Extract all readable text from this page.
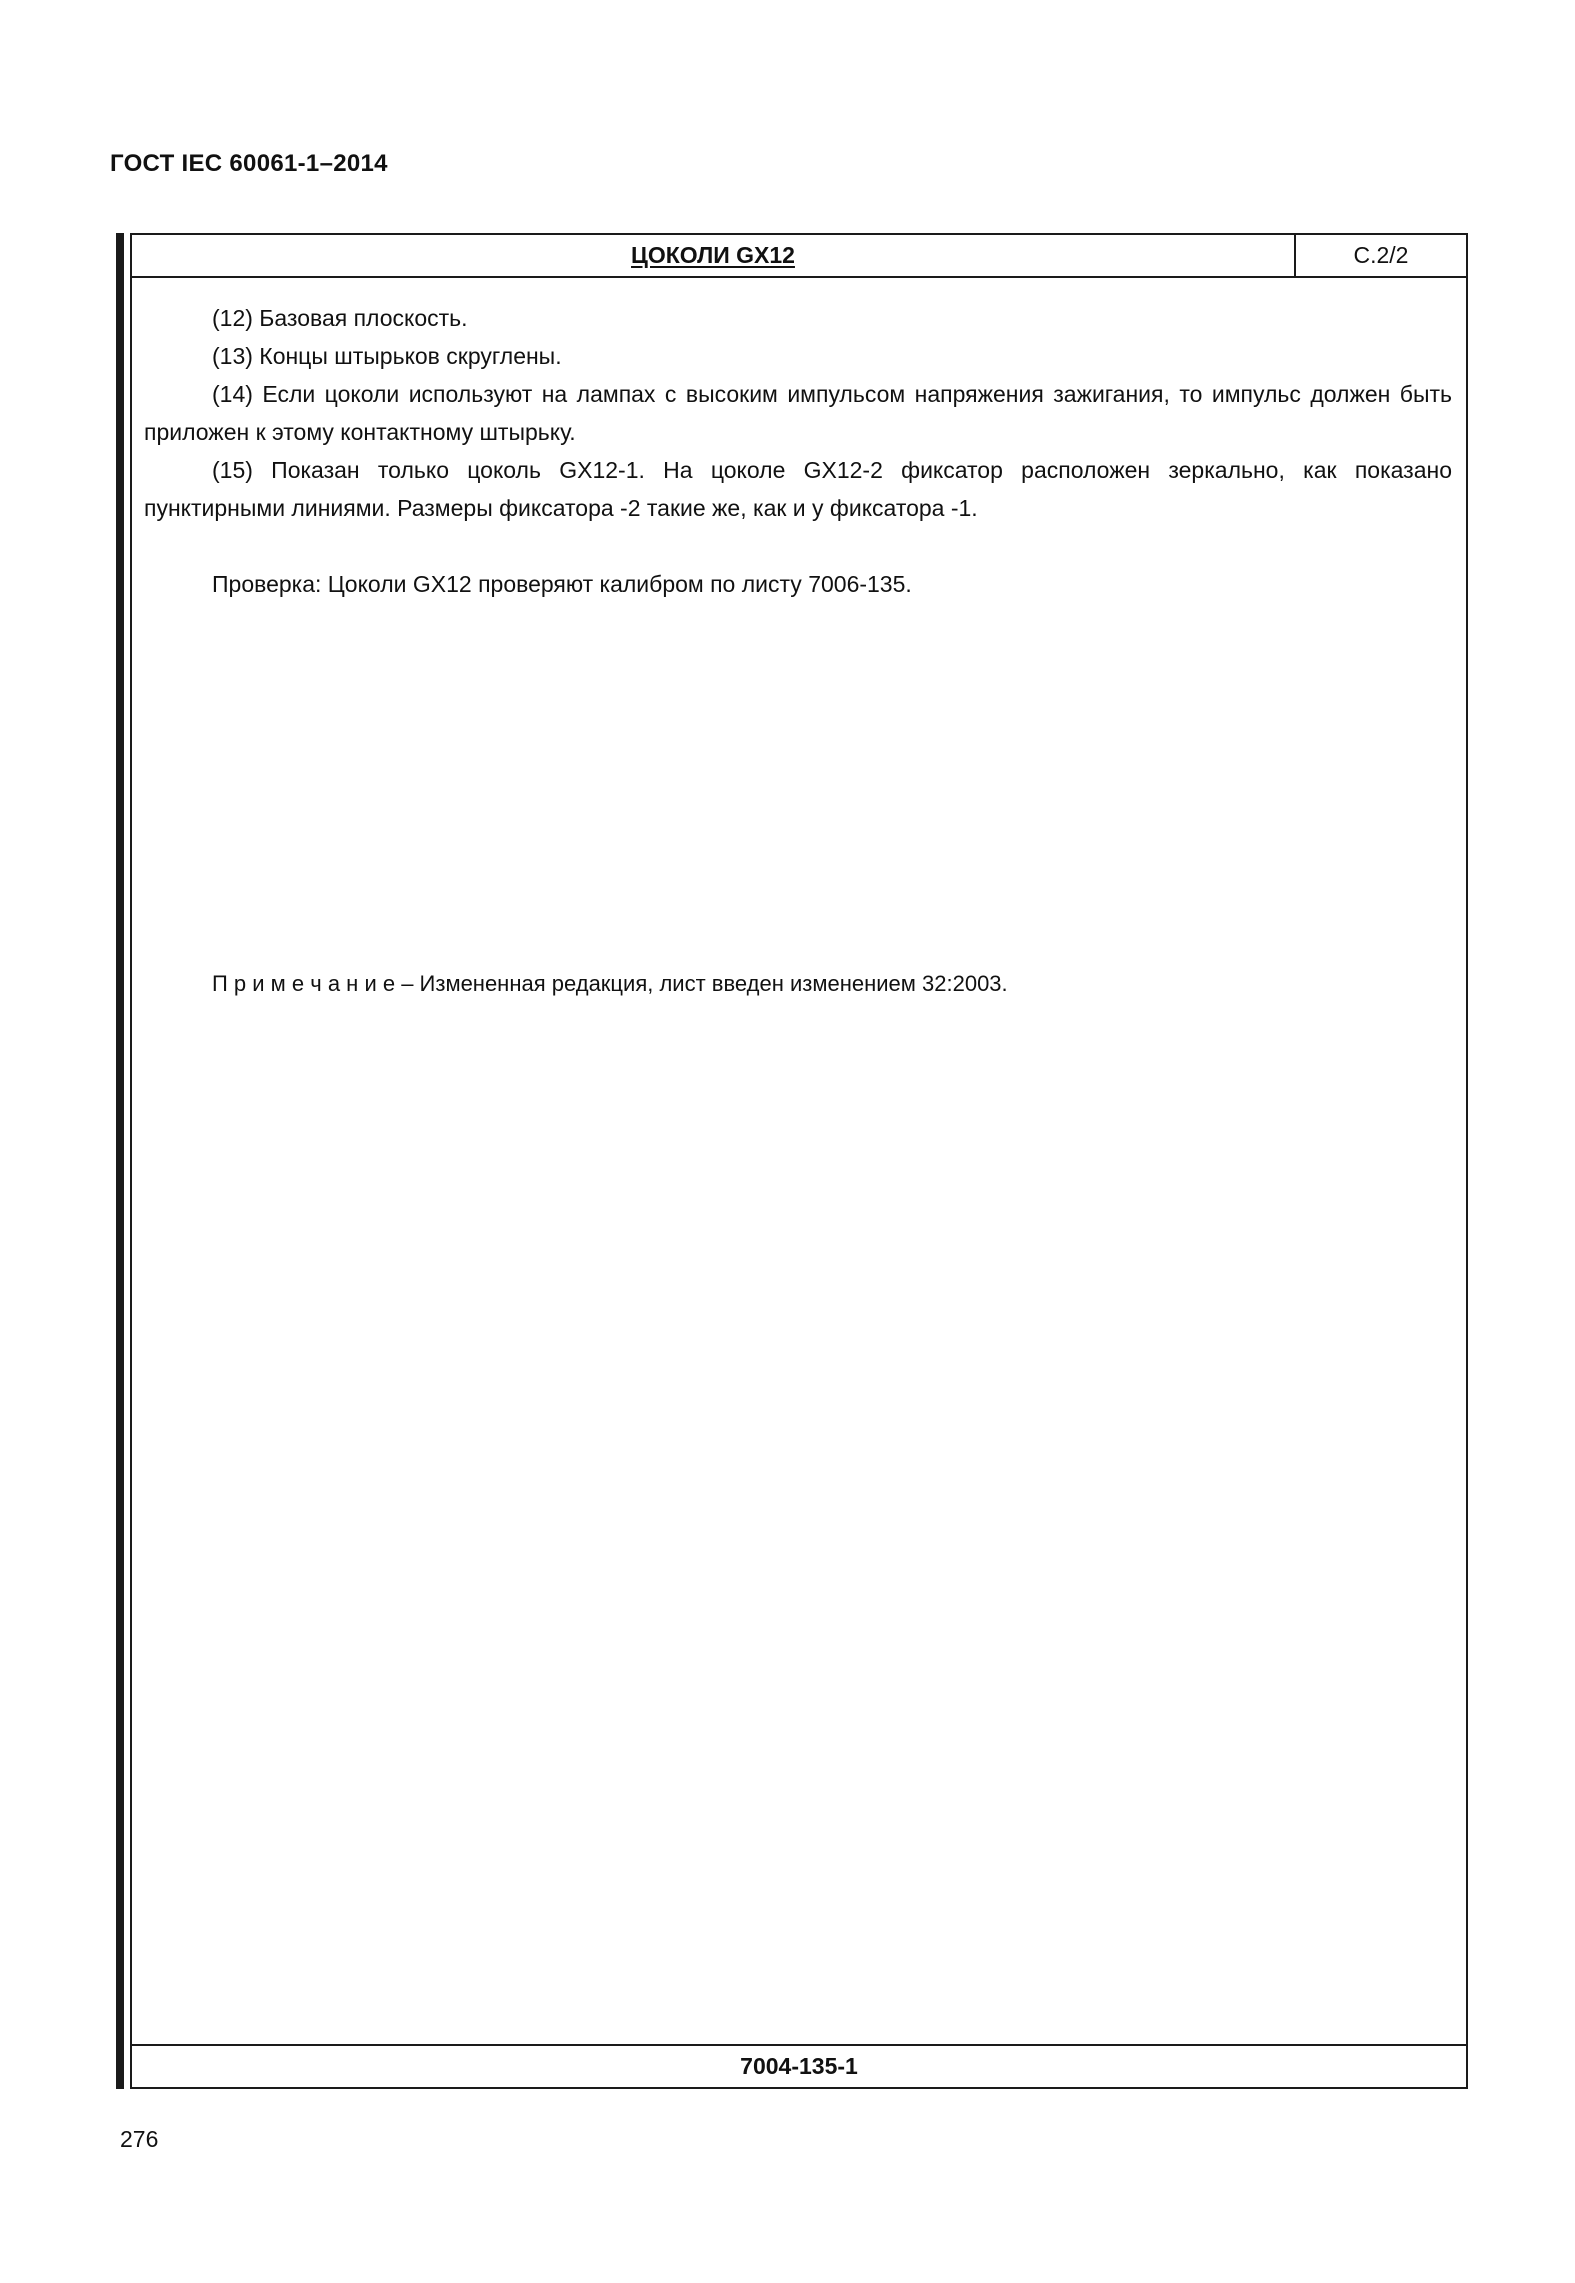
ГОСТ IEC 60061-1–2014
ЦОКОЛИ GX12	С.2/2

(12) Базовая плоскость.

(13) Концы штырьков скруглены.

(14) Если цоколи используют на лампах с высоким импульсом напряжения зажигания, то импульс должен быть приложен к этому контактному штырьку.

(15) Показан только цоколь GX12-1. На цоколе GX12-2 фиксатор расположен зеркально, как показано пунктирными линиями. Размеры фиксатора -2 такие же, как и у фиксатора -1.

Проверка: Цоколи GX12 проверяют калибром по листу 7006-135.

П р и м е ч а н и е – Измененная редакция, лист введен изменением 32:2003.

7004-135-1
276
